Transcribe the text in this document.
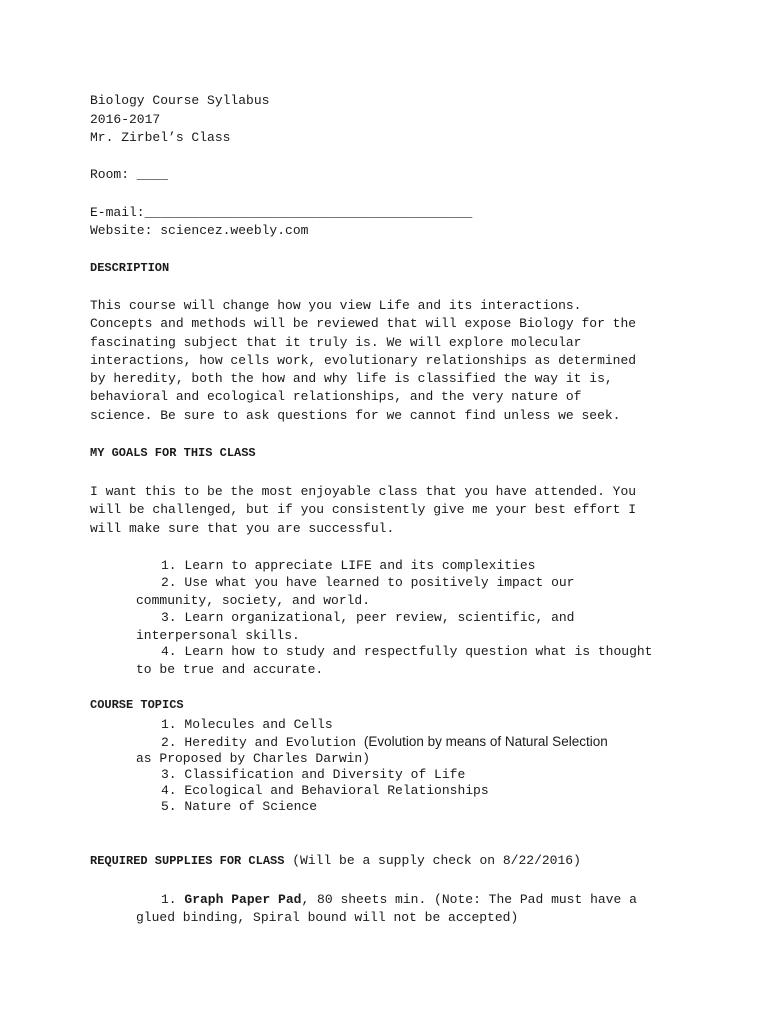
Biology Course Syllabus
2016-2017
Mr. Zirbel’s Class
Room: ____
E-mail:__________________________________________
Website: sciencez.weebly.com
DESCRIPTION
This course will change how you view Life and its interactions.
Concepts and methods will be reviewed that will expose Biology for the
fascinating subject that it truly is. We will explore molecular
interactions, how cells work, evolutionary relationships as determined
by heredity, both the how and why life is classified the way it is,
behavioral and ecological relationships, and the very nature of
science. Be sure to ask questions for we cannot find unless we seek.
MY GOALS FOR THIS CLASS
I want this to be the most enjoyable class that you have attended. You
will be challenged, but if you consistently give me your best effort I
will make sure that you are successful.
1. Learn to appreciate LIFE and its complexities
2. Use what you have learned to positively impact our
community, society, and world.
3. Learn organizational, peer review, scientific, and
interpersonal skills.
4. Learn how to study and respectfully question what is thought
to be true and accurate.
COURSE TOPICS
1. Molecules and Cells
2. Heredity and Evolution (Evolution by means of Natural Selection
as Proposed by Charles Darwin)
3. Classification and Diversity of Life
4. Ecological and Behavioral Relationships
5. Nature of Science
REQUIRED SUPPLIES FOR CLASS (Will be a supply check on 8/22/2016)
1. Graph Paper Pad, 80 sheets min. (Note: The Pad must have a
glued binding, Spiral bound will not be accepted)
